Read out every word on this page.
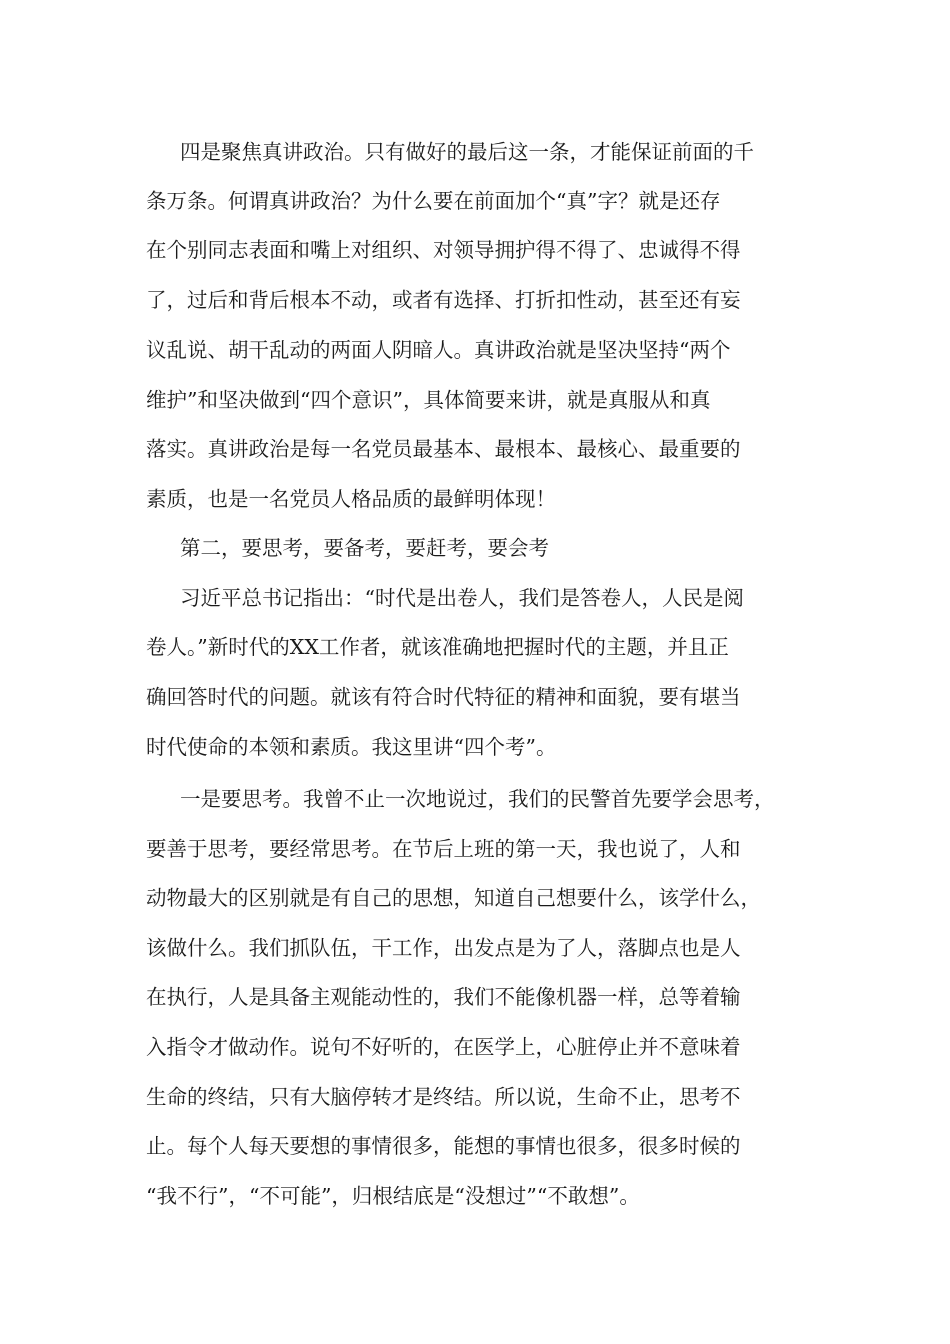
四是聚焦真讲政治。只有做好的最后这一条，才能保证前面的千
条万条。何谓真讲政治？为什么要在前面加个“真”字？就是还存
在个别同志表面和嘴上对组织、对领导拥护得不得了、忠诚得不得
了，过后和背后根本不动，或者有选择、打折扣性动，甚至还有妄
议乱说、胡干乱动的两面人阴暗人。真讲政治就是坚决坚持“两个
维护”和坚决做到“四个意识”，具体简要来讲，就是真服从和真
落实。真讲政治是每一名党员最基本、最根本、最核心、最重要的
素质，也是一名党员人格品质的最鲜明体现！
第二，要思考，要备考，要赶考，要会考
习近平总书记指出：“时代是出卷人，我们是答卷人，人民是阅
卷人。”新时代的XX工作者，就该准确地把握时代的主题，并且正
确回答时代的问题。就该有符合时代特征的精神和面貌，要有堪当
时代使命的本领和素质。我这里讲“四个考”。
一是要思考。我曾不止一次地说过，我们的民警首先要学会思考，
要善于思考，要经常思考。在节后上班的第一天，我也说了，人和
动物最大的区别就是有自己的思想，知道自己想要什么，该学什么，
该做什么。我们抓队伍，干工作，出发点是为了人，落脚点也是人
在执行，人是具备主观能动性的，我们不能像机器一样，总等着输
入指令才做动作。说句不好听的，在医学上，心脏停止并不意味着
生命的终结，只有大脑停转才是终结。所以说，生命不止，思考不
止。每个人每天要想的事情很多，能想的事情也很多，很多时候的
“我不行”，“不可能”，归根结底是“没想过”“不敢想”。
